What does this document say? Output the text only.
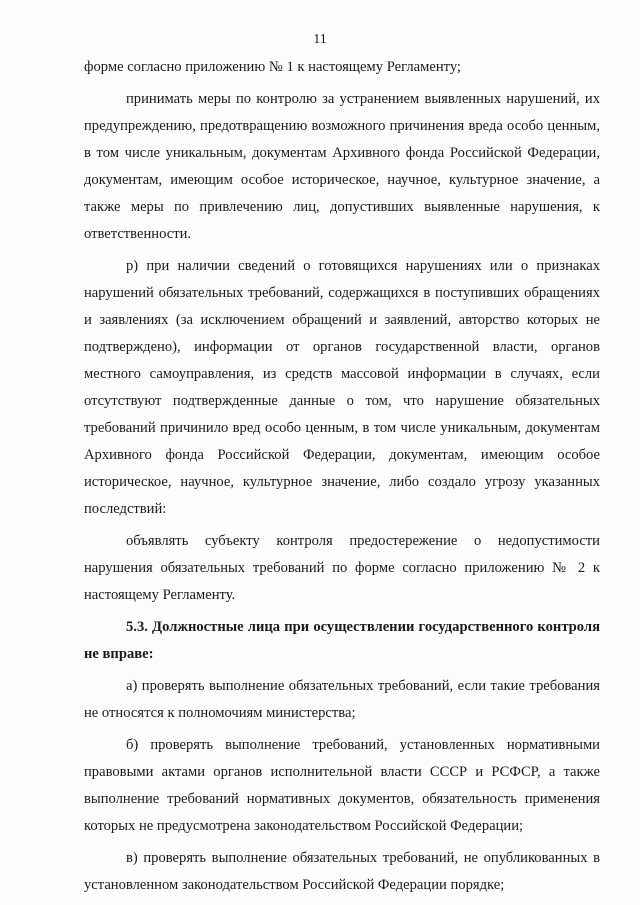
11

форме согласно приложению № 1 к настоящему Регламенту;

принимать меры по контролю за устранением выявленных нарушений, их предупреждению, предотвращению возможного причинения вреда особо ценным, в том числе уникальным, документам Архивного фонда Российской Федерации, документам, имеющим особое историческое, научное, культурное значение, а также меры по привлечению лиц, допустивших выявленные нарушения, к ответственности.

р) при наличии сведений о готовящихся нарушениях или о признаках нарушений обязательных требований, содержащихся в поступивших обращениях и заявлениях (за исключением обращений и заявлений, авторство которых не подтверждено), информации от органов государственной власти, органов местного самоуправления, из средств массовой информации в случаях, если отсутствуют подтвержденные данные о том, что нарушение обязательных требований причинило вред особо ценным, в том числе уникальным, документам Архивного фонда Российской Федерации, документам, имеющим особое историческое, научное, культурное значение, либо создало угрозу указанных последствий:

объявлять субъекту контроля предостережение о недопустимости нарушения обязательных требований по форме согласно приложению № 2 к настоящему Регламенту.

5.3. Должностные лица при осуществлении государственного контроля не вправе:

а) проверять выполнение обязательных требований, если такие требования не относятся к полномочиям министерства;

б) проверять выполнение требований, установленных нормативными правовыми актами органов исполнительной власти СССР и РСФСР, а также выполнение требований нормативных документов, обязательность применения которых не предусмотрена законодательством Российской Федерации;

в) проверять выполнение обязательных требований, не опубликованных в установленном законодательством Российской Федерации порядке;
